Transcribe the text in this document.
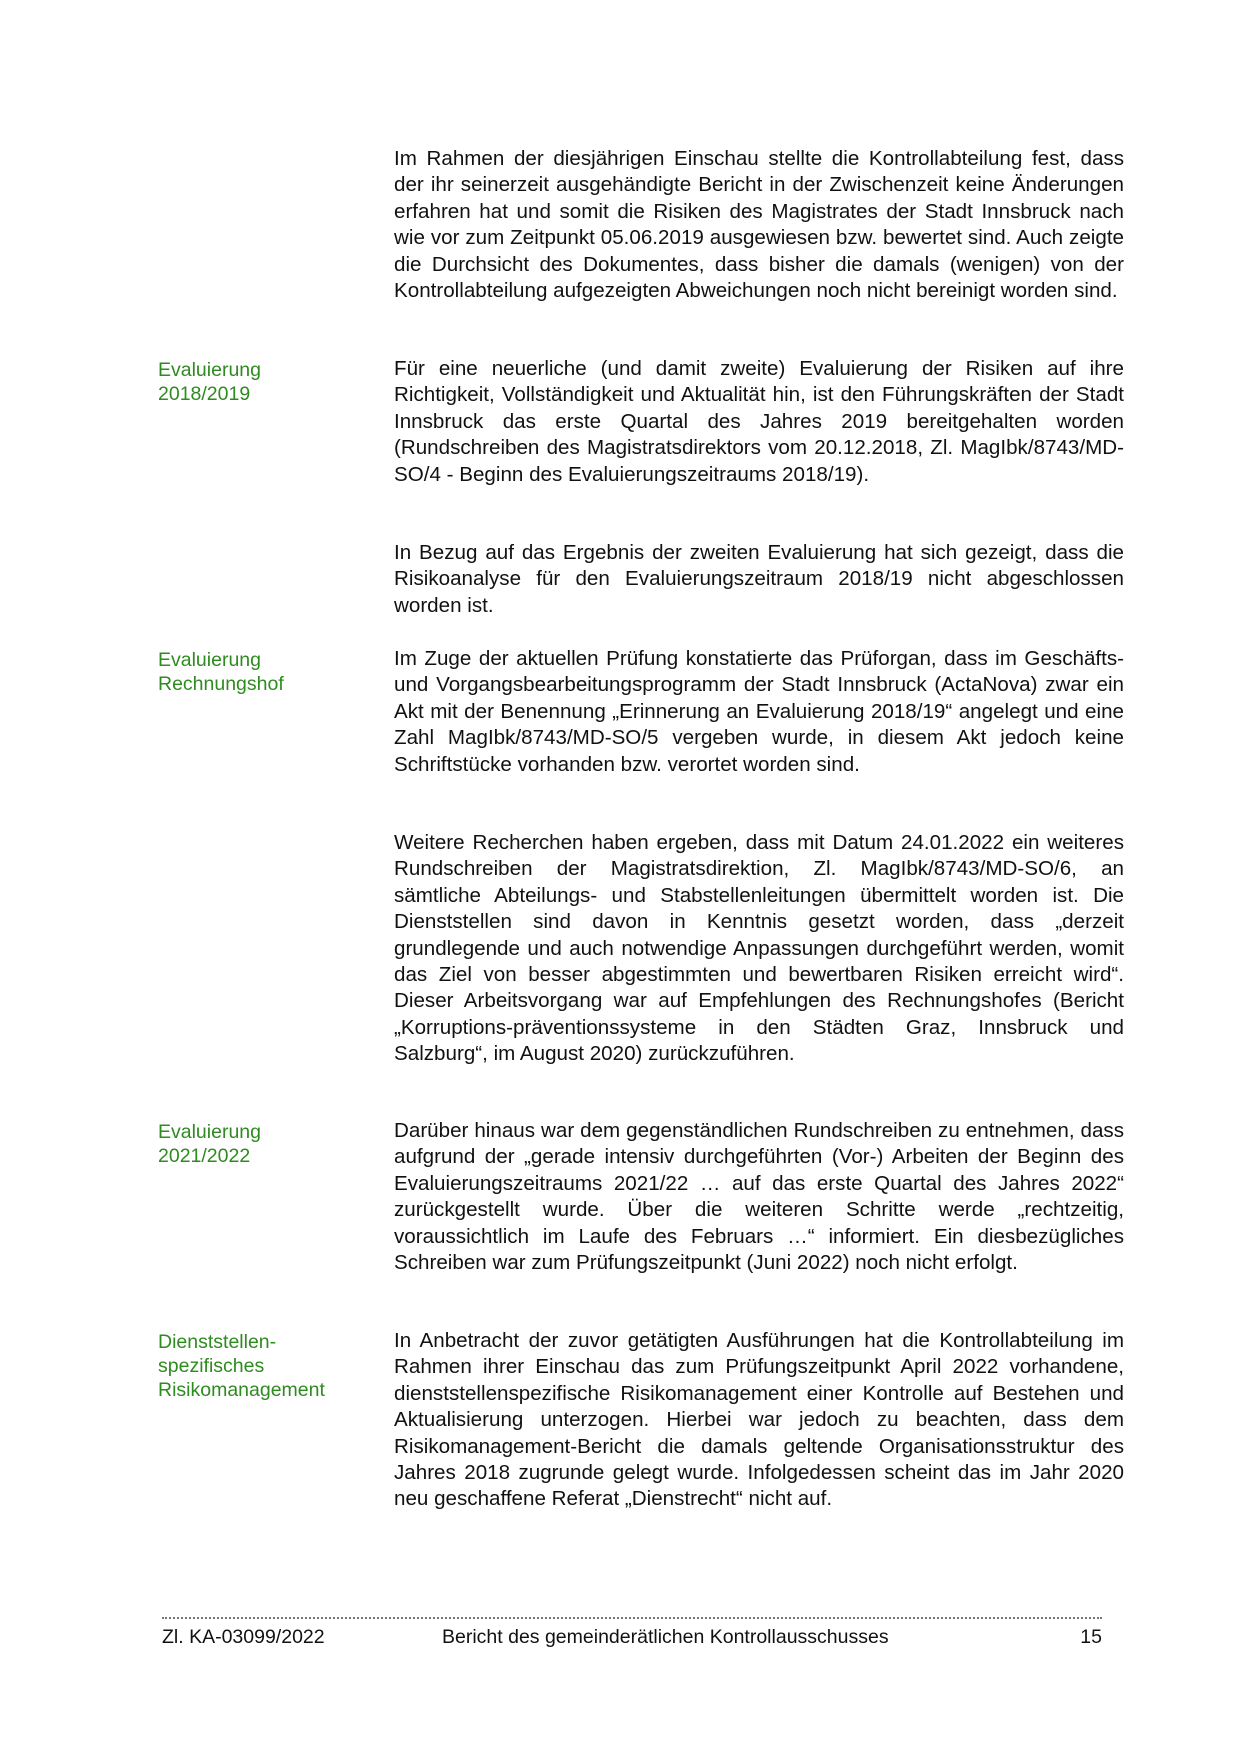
Im Rahmen der diesjährigen Einschau stellte die Kontrollabteilung fest, dass der ihr seinerzeit ausgehändigte Bericht in der Zwischenzeit keine Änderungen erfahren hat und somit die Risiken des Magistrates der Stadt Innsbruck nach wie vor zum Zeitpunkt 05.06.2019 ausgewiesen bzw. bewertet sind. Auch zeigte die Durchsicht des Dokumentes, dass bisher die damals (wenigen) von der Kontrollabteilung aufgezeigten Abweichungen noch nicht bereinigt worden sind.

Evaluierung
2018/2019

Für eine neuerliche (und damit zweite) Evaluierung der Risiken auf ihre Richtigkeit, Vollständigkeit und Aktualität hin, ist den Führungskräften der Stadt Innsbruck das erste Quartal des Jahres 2019 bereitgehalten worden (Rundschreiben des Magistratsdirektors vom 20.12.2018, Zl. MagIbk/8743/MD-SO/4 - Beginn des Evaluierungszeitraums 2018/19).

In Bezug auf das Ergebnis der zweiten Evaluierung hat sich gezeigt, dass die Risikoanalyse für den Evaluierungszeitraum 2018/19 nicht abgeschlossen worden ist.

Evaluierung
Rechnungshof

Im Zuge der aktuellen Prüfung konstatierte das Prüforgan, dass im Geschäfts- und Vorgangsbearbeitungsprogramm der Stadt Innsbruck (ActaNova) zwar ein Akt mit der Benennung „Erinnerung an Evaluierung 2018/19“ angelegt und eine Zahl MagIbk/8743/MD-SO/5 vergeben wurde, in diesem Akt jedoch keine Schriftstücke vorhanden bzw. verortet worden sind.

Weitere Recherchen haben ergeben, dass mit Datum 24.01.2022 ein weiteres Rundschreiben der Magistratsdirektion, Zl. MagIbk/8743/MD-SO/6, an sämtliche Abteilungs- und Stabstellenleitungen übermittelt worden ist. Die Dienststellen sind davon in Kenntnis gesetzt worden, dass „derzeit grundlegende und auch notwendige Anpassungen durchgeführt werden, womit das Ziel von besser abgestimmten und bewertbaren Risiken erreicht wird“. Dieser Arbeitsvorgang war auf Empfehlungen des Rechnungshofes (Bericht „Korruptions-präventionssysteme in den Städten Graz, Innsbruck und Salzburg“, im August 2020) zurückzuführen.

Evaluierung
2021/2022

Darüber hinaus war dem gegenständlichen Rundschreiben zu entnehmen, dass aufgrund der „gerade intensiv durchgeführten (Vor-) Arbeiten der Beginn des Evaluierungszeitraums 2021/22 … auf das erste Quartal des Jahres 2022“ zurückgestellt wurde. Über die weiteren Schritte werde „rechtzeitig, voraussichtlich im Laufe des Februars …“ informiert. Ein diesbezügliches Schreiben war zum Prüfungszeitpunkt (Juni 2022) noch nicht erfolgt.

Dienststellen-
spezifisches
Risikomanagement

In Anbetracht der zuvor getätigten Ausführungen hat die Kontrollabteilung im Rahmen ihrer Einschau das zum Prüfungszeitpunkt April 2022 vorhandene, dienststellenspezifische Risikomanagement einer Kontrolle auf Bestehen und Aktualisierung unterzogen. Hierbei war jedoch zu beachten, dass dem Risikomanagement-Bericht die damals geltende Organisationsstruktur des Jahres 2018 zugrunde gelegt wurde. Infolgedessen scheint das im Jahr 2020 neu geschaffene Referat „Dienstrecht“ nicht auf.

Zl. KA-03099/2022	Bericht des gemeinderätlichen Kontrollausschusses	15
